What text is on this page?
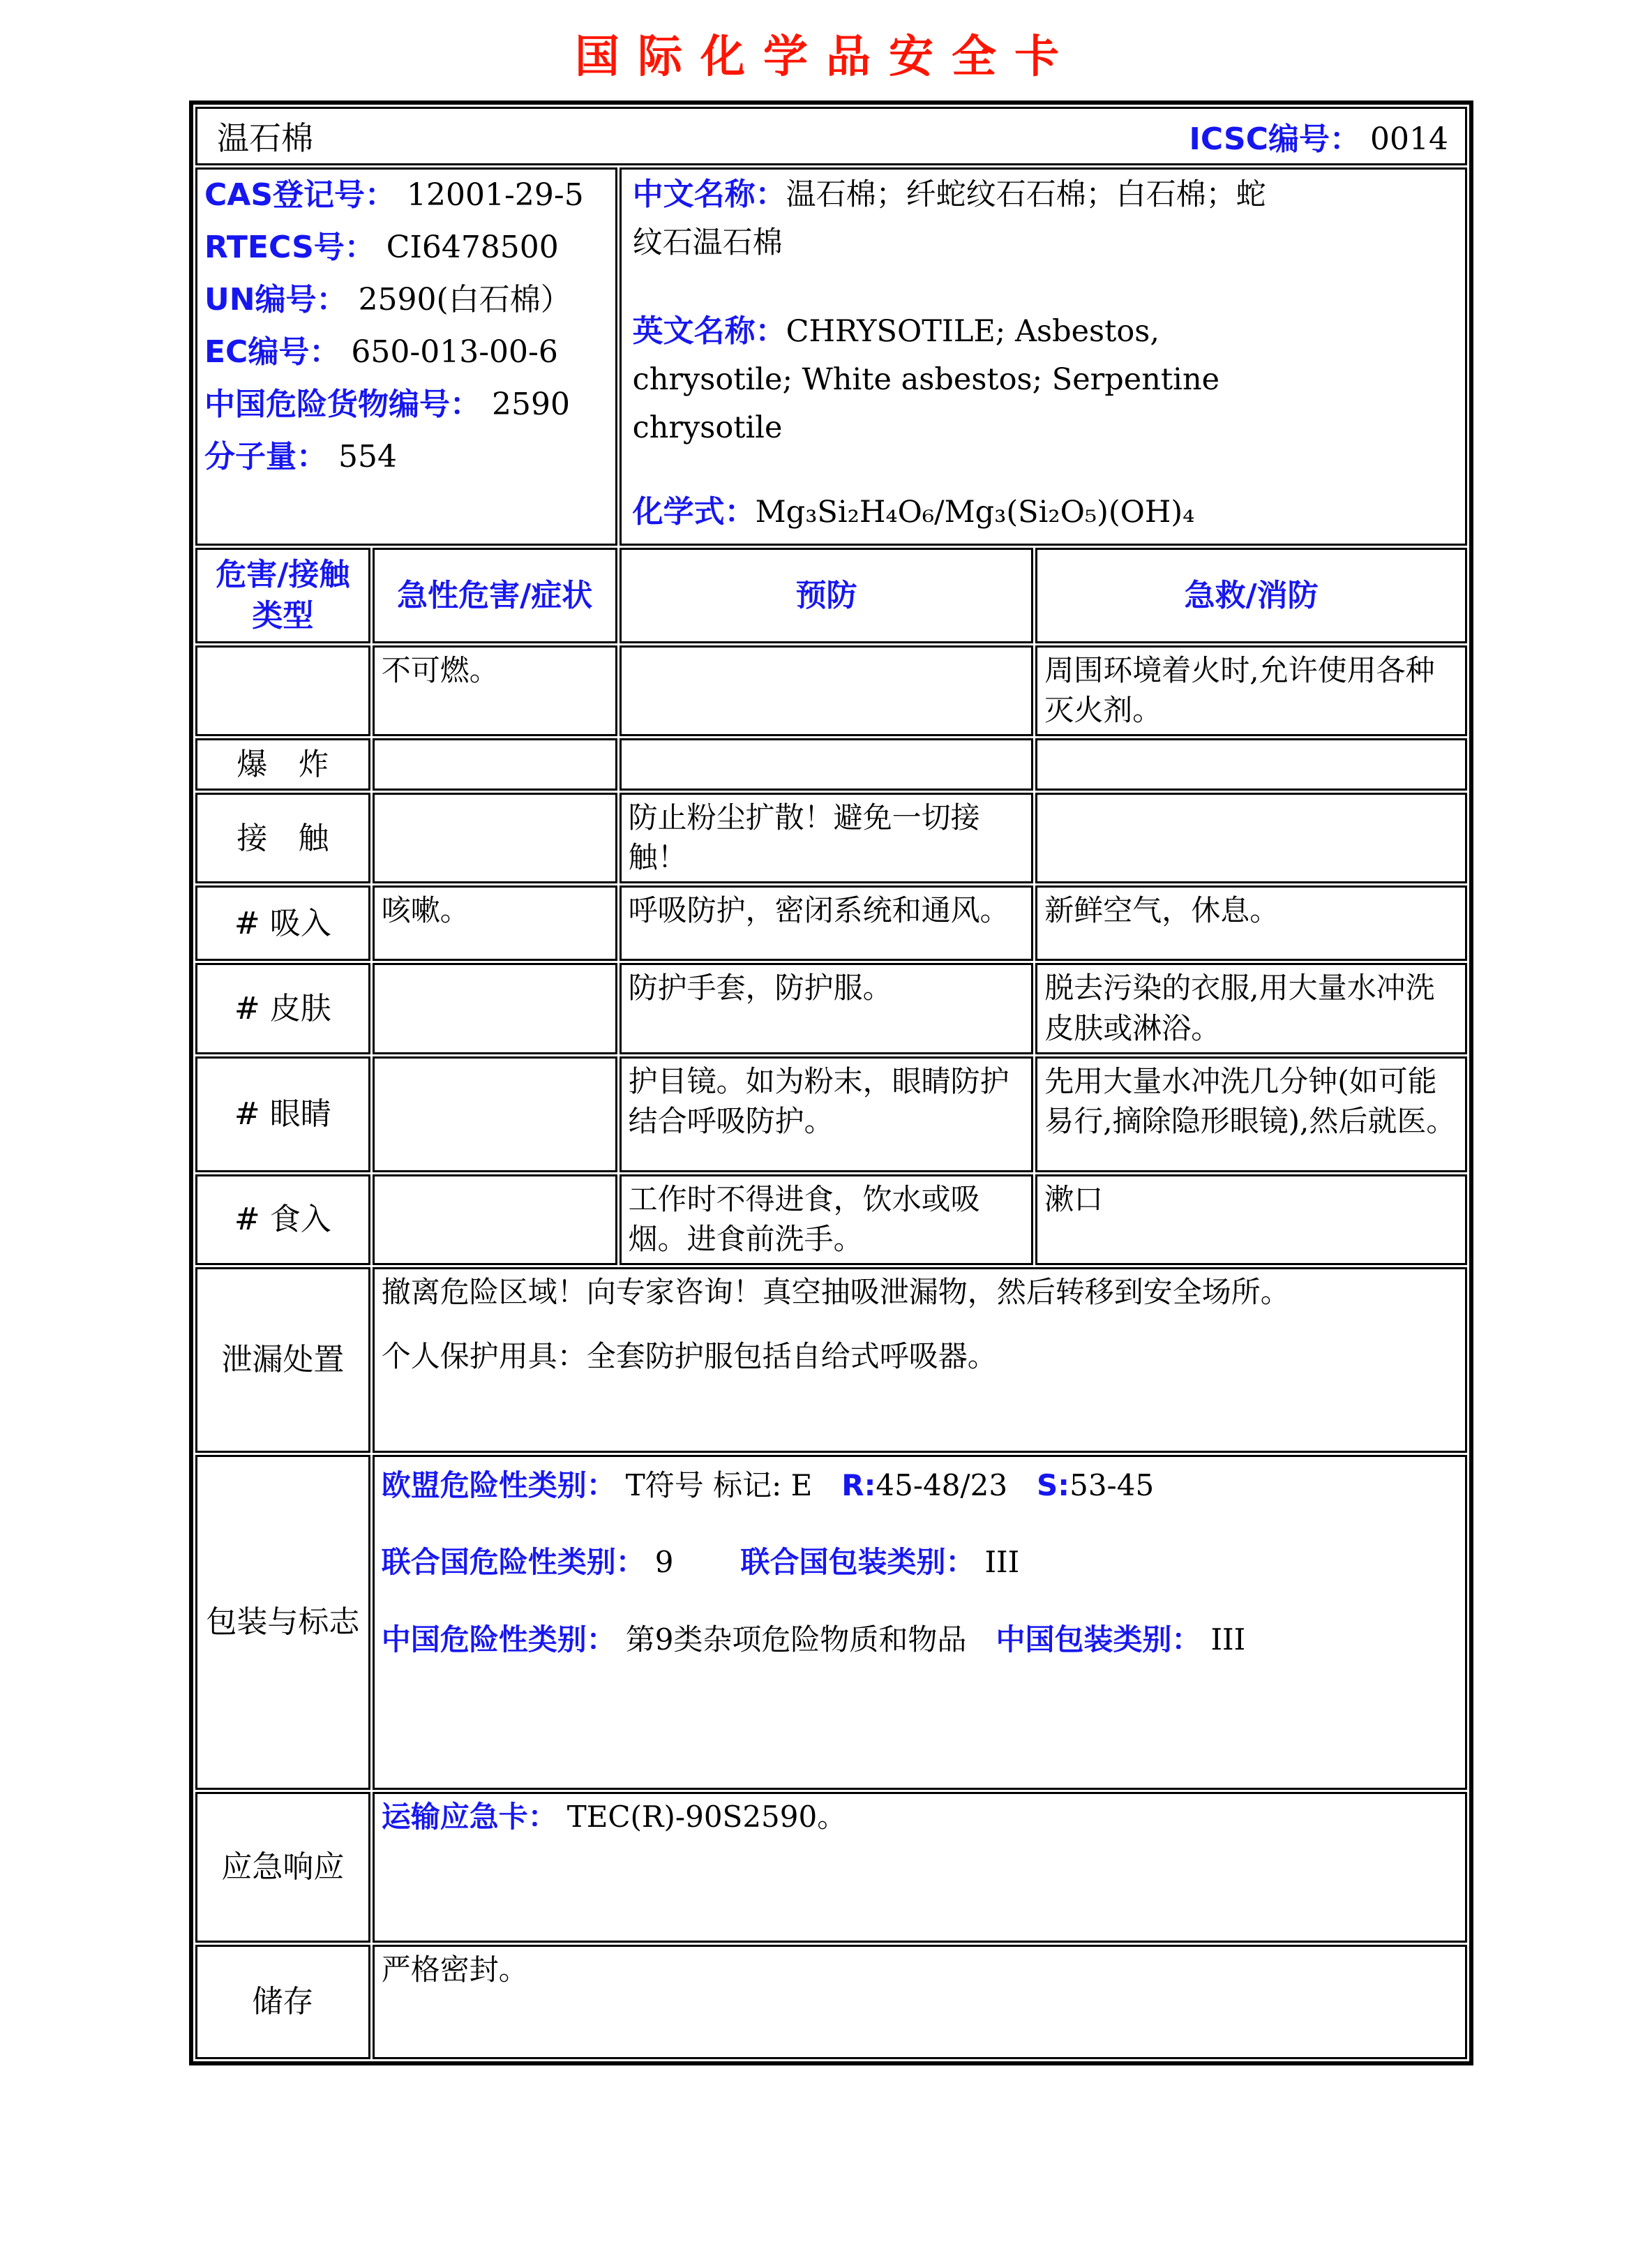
国际化学品安全卡
温石棉 ICSC编号： 0014			

CAS登记号： 12001-29-5

RTECS号： CI6478500

UN编号： 2590(白石棉）

EC编号： 650-013-00-6

中国危险货物编号： 2590

分子量： 554

中文名称：温石棉；纤蛇纹石石棉；白石棉；蛇纹石温石棉

英文名称：CHRYSOTILE; Asbestos, chrysotile; White asbestos; Serpentine chrysotile

化学式：Mg₃Si₂H₄O₆/Mg₃(Si₂O₅)(OH)₄

危害/接触类型	急性危害/症状	预防	急救/消防
	不可燃。		周围环境着火时,允许使用各种灭火剂。
爆　炸			
接　触		防止粉尘扩散！避免一切接触！	
# 吸入	咳嗽。	呼吸防护，密闭系统和通风。	新鲜空气，休息。
# 皮肤		防护手套，防护服。	脱去污染的衣服,用大量水冲洗皮肤或淋浴。
# 眼睛		护目镜。如为粉末，眼睛防护结合呼吸防护。	先用大量水冲洗几分钟(如可能易行,摘除隐形眼镜),然后就医。
# 食入		工作时不得进食，饮水或吸烟。进食前洗手。	漱口
泄漏处置	撤离危险区域！向专家咨询！真空抽吸泄漏物，然后转移到安全场所。

个人保护用具：全套防护服包括自给式呼吸器。		

包装与标志	欧盟危险性类别： T符号 标记: E R:45-48/23 S:53-45

联合国危险性类别： 9 联合国包装类别： III

中国危险性类别： 第9类杂项危险物质和物品 中国包装类别： III		

应急响应	运输应急卡： TEC(R)-90S2590。		
储存	严格密封。		
